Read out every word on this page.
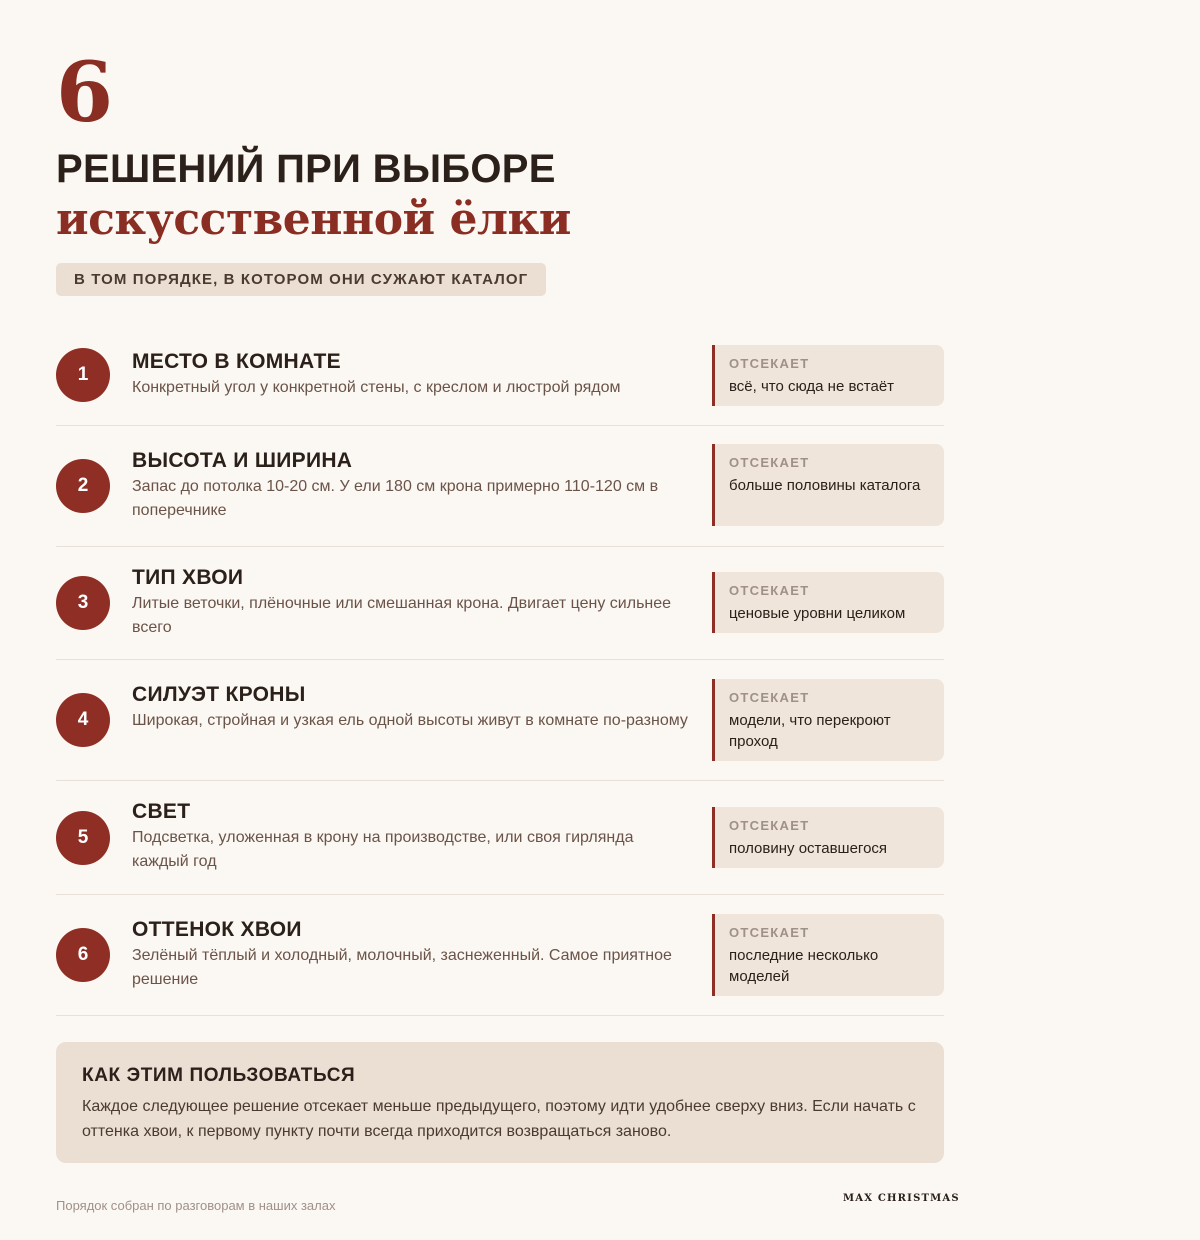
6
РЕШЕНИЙ ПРИ ВЫБОРЕ
искусственной ёлки
В ТОМ ПОРЯДКЕ, В КОТОРОМ ОНИ СУЖАЮТ КАТАЛОГ
1
МЕСТО В КОМНАТЕ
Конкретный угол у конкретной стены, с креслом и люстрой рядом
ОТСЕКАЕТ
всё, что сюда не встаёт
2
ВЫСОТА И ШИРИНА
Запас до потолка 10-20 см. У ели 180 см крона примерно 110-120 см в поперечнике
ОТСЕКАЕТ
больше половины каталога
3
ТИП ХВОИ
Литые веточки, плёночные или смешанная крона. Двигает цену сильнее всего
ОТСЕКАЕТ
ценовые уровни целиком
4
СИЛУЭТ КРОНЫ
Широкая, стройная и узкая ель одной высоты живут в комнате по-разному
ОТСЕКАЕТ
модели, что перекроют проход
5
СВЕТ
Подсветка, уложенная в крону на производстве, или своя гирлянда каждый год
ОТСЕКАЕТ
половину оставшегося
6
ОТТЕНОК ХВОИ
Зелёный тёплый и холодный, молочный, заснеженный. Самое приятное решение
ОТСЕКАЕТ
последние несколько моделей
КАК ЭТИМ ПОЛЬЗОВАТЬСЯ
Каждое следующее решение отсекает меньше предыдущего, поэтому идти удобнее сверху вниз. Если начать с оттенка хвои, к первому пункту почти всегда приходится возвращаться заново.
Порядок собран по разговорам в наших залах	MAX CHRISTMAS
